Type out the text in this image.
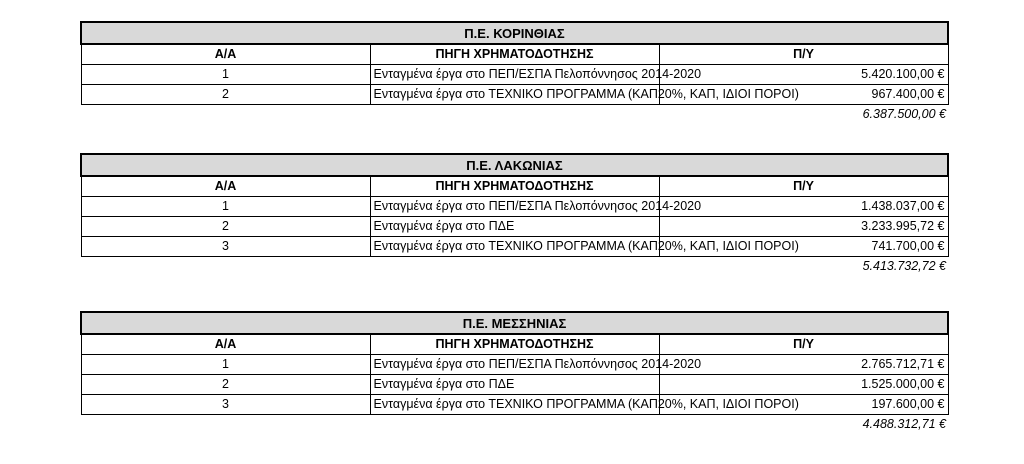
Π.Ε. ΚΟΡΙΝΘΙΑΣ		
Α/Α	ΠΗΓΗ ΧΡΗΜΑΤΟΔΟΤΗΣΗΣ	Π/Υ
1	Ενταγμένα έργα στο ΠΕΠ/ΕΣΠΑ Πελοπόννησος 2014-2020	5.420.100,00 €
2	Ενταγμένα έργα στο ΤΕΧΝΙΚΟ ΠΡΟΓΡΑΜΜΑ (ΚΑΠ20%, ΚΑΠ, ΙΔΙΟΙ ΠΟΡΟΙ)	967.400,00 €
6.387.500,00 €
Π.Ε. ΛΑΚΩΝΙΑΣ		
Α/Α	ΠΗΓΗ ΧΡΗΜΑΤΟΔΟΤΗΣΗΣ	Π/Υ
1	Ενταγμένα έργα στο ΠΕΠ/ΕΣΠΑ Πελοπόννησος 2014-2020	1.438.037,00 €
2	Ενταγμένα έργα στο ΠΔΕ	3.233.995,72 €
3	Ενταγμένα έργα στο ΤΕΧΝΙΚΟ ΠΡΟΓΡΑΜΜΑ (ΚΑΠ20%, ΚΑΠ, ΙΔΙΟΙ ΠΟΡΟΙ)	741.700,00 €
5.413.732,72 €
Π.Ε. ΜΕΣΣΗΝΙΑΣ		
Α/Α	ΠΗΓΗ ΧΡΗΜΑΤΟΔΟΤΗΣΗΣ	Π/Υ
1	Ενταγμένα έργα στο ΠΕΠ/ΕΣΠΑ Πελοπόννησος 2014-2020	2.765.712,71 €
2	Ενταγμένα έργα στο ΠΔΕ	1.525.000,00 €
3	Ενταγμένα έργα στο ΤΕΧΝΙΚΟ ΠΡΟΓΡΑΜΜΑ (ΚΑΠ20%, ΚΑΠ, ΙΔΙΟΙ ΠΟΡΟΙ)	197.600,00 €
4.488.312,71 €
